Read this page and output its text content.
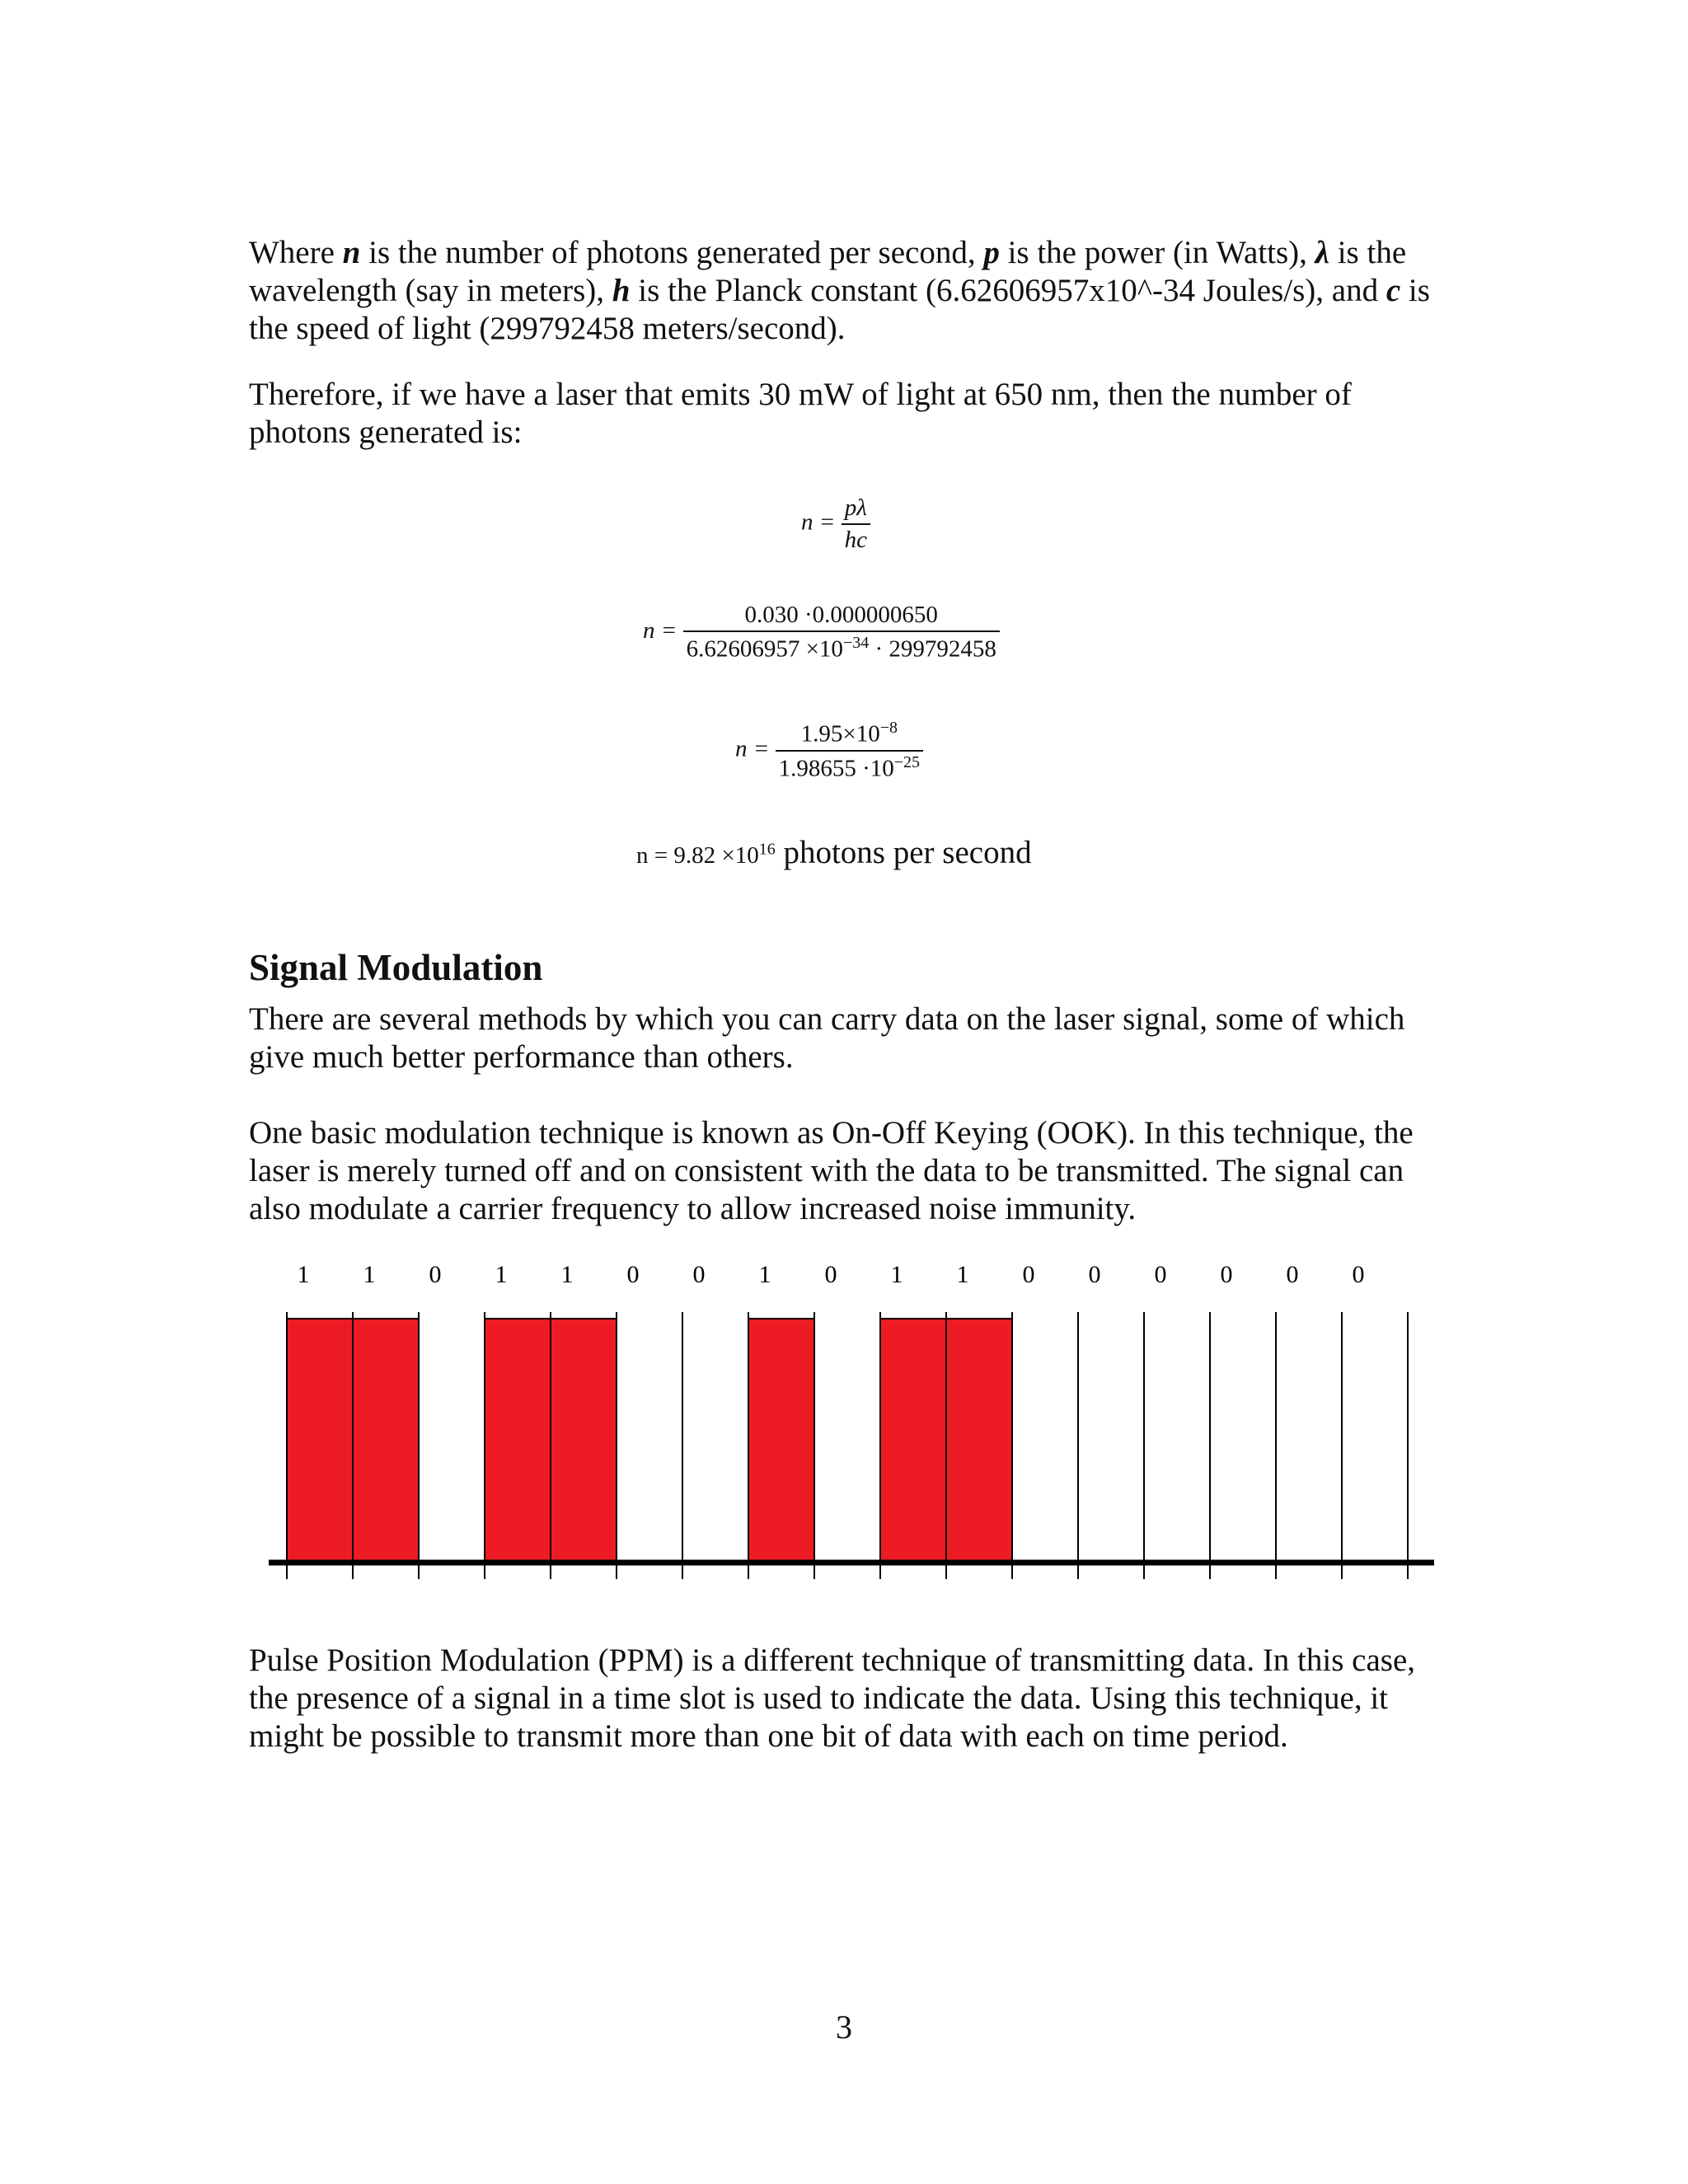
Where n is the number of photons generated per second, p is the power (in Watts), λ is the wavelength (say in meters), h is the Planck constant (6.62606957x10^-34 Joules/s), and c is the speed of light (299792458 meters/second).

Therefore, if we have a laser that emits 30 mW of light at 650 nm, then the number of photons generated is:

$n = \frac{p\lambda}{hc}$
$n = \frac{0.030 \cdot 0.000000650}{6.62606957 \times 10^{-34} \cdot 299792458}$
$n = \frac{1.95\times 10^{-8}}{1.98655 \cdot 10^{-25}}$
$n = 9.82 \times 10^{16}$ photons per second
Signal Modulation

There are several methods by which you can carry data on the laser signal, some of which give much better performance than others.

One basic modulation technique is known as On-Off Keying (OOK). In this technique, the laser is merely turned off and on consistent with the data to be transmitted. The signal can also modulate a carrier frequency to allow increased noise immunity.

1 1 0 1 1 0 0 1 0 1 1 0 0 0 0 0 0

Pulse Position Modulation (PPM) is a different technique of transmitting data. In this case, the presence of a signal in a time slot is used to indicate the data. Using this technique, it might be possible to transmit more than one bit of data with each on time period.

3
